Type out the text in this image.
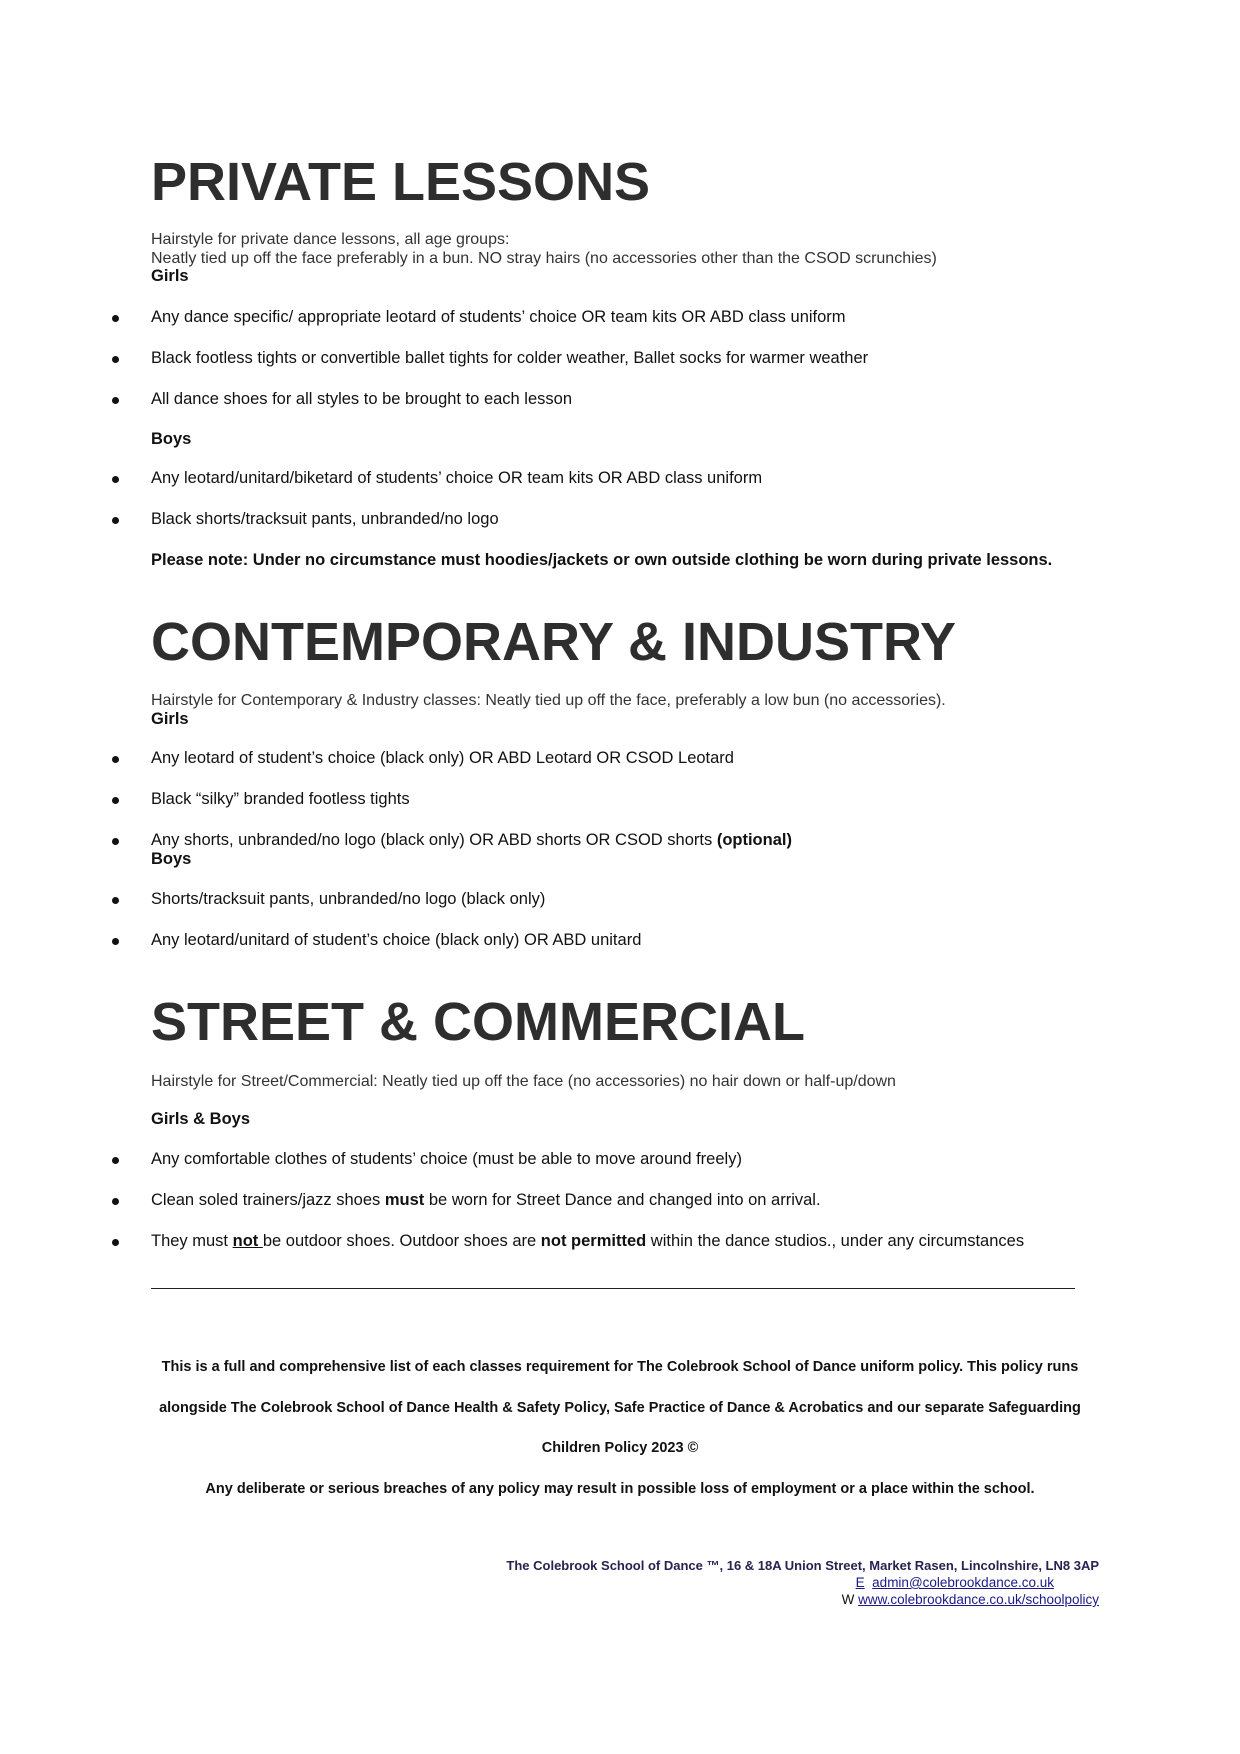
PRIVATE LESSONS
Hairstyle for private dance lessons, all age groups:
Neatly tied up off the face preferably in a bun. NO stray hairs (no accessories other than the CSOD scrunchies)
Girls
Any dance specific/ appropriate leotard of students’ choice OR team kits OR ABD class uniform
Black footless tights or convertible ballet tights for colder weather, Ballet socks for warmer weather
All dance shoes for all styles to be brought to each lesson
Boys
Any leotard/unitard/biketard of students’ choice OR team kits OR ABD class uniform
Black shorts/tracksuit pants, unbranded/no logo
Please note: Under no circumstance must hoodies/jackets or own outside clothing be worn during private lessons.
CONTEMPORARY & INDUSTRY
Hairstyle for Contemporary & Industry classes: Neatly tied up off the face, preferably a low bun (no accessories).
Girls
Any leotard of student’s choice (black only) OR ABD Leotard OR CSOD Leotard
Black “silky” branded footless tights
Any shorts, unbranded/no logo (black only) OR ABD shorts OR CSOD shorts (optional)
Boys
Shorts/tracksuit pants, unbranded/no logo (black only)
Any leotard/unitard of student’s choice (black only) OR ABD unitard
STREET & COMMERCIAL
Hairstyle for Street/Commercial: Neatly tied up off the face (no accessories) no hair down or half-up/down
Girls & Boys
Any comfortable clothes of students’ choice (must be able to move around freely)
Clean soled trainers/jazz shoes must be worn for Street Dance and changed into on arrival.
They must not be outdoor shoes. Outdoor shoes are not permitted within the dance studios., under any circumstances
This is a full and comprehensive list of each classes requirement for The Colebrook School of Dance uniform policy. This policy runs
alongside The Colebrook School of Dance Health & Safety Policy, Safe Practice of Dance & Acrobatics and our separate Safeguarding
Children Policy 2023 ©
Any deliberate or serious breaches of any policy may result in possible loss of employment or a place within the school.
The Colebrook School of Dance ™, 16 & 18A Union Street, Market Rasen, Lincolnshire, LN8 3AP
E admin@colebrookdance.co.uk
W www.colebrookdance.co.uk/schoolpolicy
